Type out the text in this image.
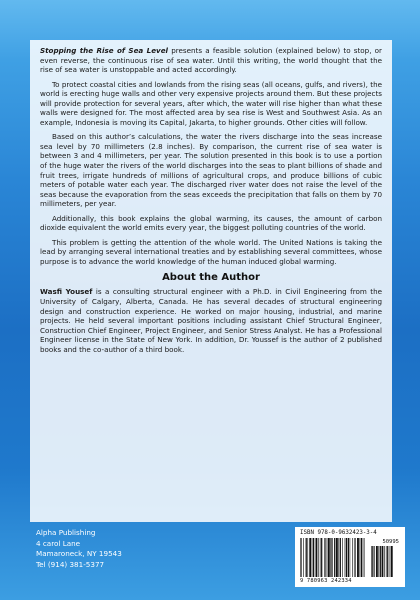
Stopping the Rise of Sea Level presents a feasible solution (explained below) to stop, or even reverse, the continuous rise of sea water. Until this writing, the world thought that the rise of sea water is unstoppable and acted accordingly.

To protect coastal cities and lowlands from the rising seas (all oceans, gulfs, and rivers), the world is erecting huge walls and other very expensive projects around them. But these projects will provide protection for several years, after which, the water will rise higher than what these walls were designed for. The most affected area by sea rise is West and Southwest Asia. As an example, Indonesia is moving its Capital, Jakarta, to higher grounds. Other cities will follow.

Based on this author’s calculations, the water the rivers discharge into the seas increase sea level by 70 millimeters (2.8 inches). By comparison, the current rise of sea water is between 3 and 4 millimeters, per year. The solution presented in this book is to use a portion of the huge water the rivers of the world discharges into the seas to plant billions of shade and fruit trees, irrigate hundreds of millions of agricultural crops, and produce billions of cubic meters of potable water each year. The discharged river water does not raise the level of the seas because the evaporation from the seas exceeds the precipitation that falls on them by 70 millimeters, per year.

Additionally, this book explains the global warming, its causes, the amount of carbon dioxide equivalent the world emits every year, the biggest polluting countries of the world.

This problem is getting the attention of the whole world. The United Nations is taking the lead by arranging several international treaties and by establishing several committees, whose purpose is to advance the world knowledge of the human induced global warming.

About the Author

Wasfi Yousef is a consulting structural engineer with a Ph.D. in Civil Engineering from the University of Calgary, Alberta, Canada. He has several decades of structural engineering design and construction experience. He worked on major housing, industrial, and marine projects. He held several important positions including assistant Chief Structural Engineer, Construction Chief Engineer, Project Engineer, and Senior Stress Analyst. He has a Professional Engineer license in the State of New York. In addition, Dr. Youssef is the author of 2 published books and the co-author of a third book.

Alpha Publishing
4 carol Lane
Mamaroneck, NY 19543
Tel (914) 381-5377
ISBN 978-0-9632423-3-4
50995
9 780963 242334
